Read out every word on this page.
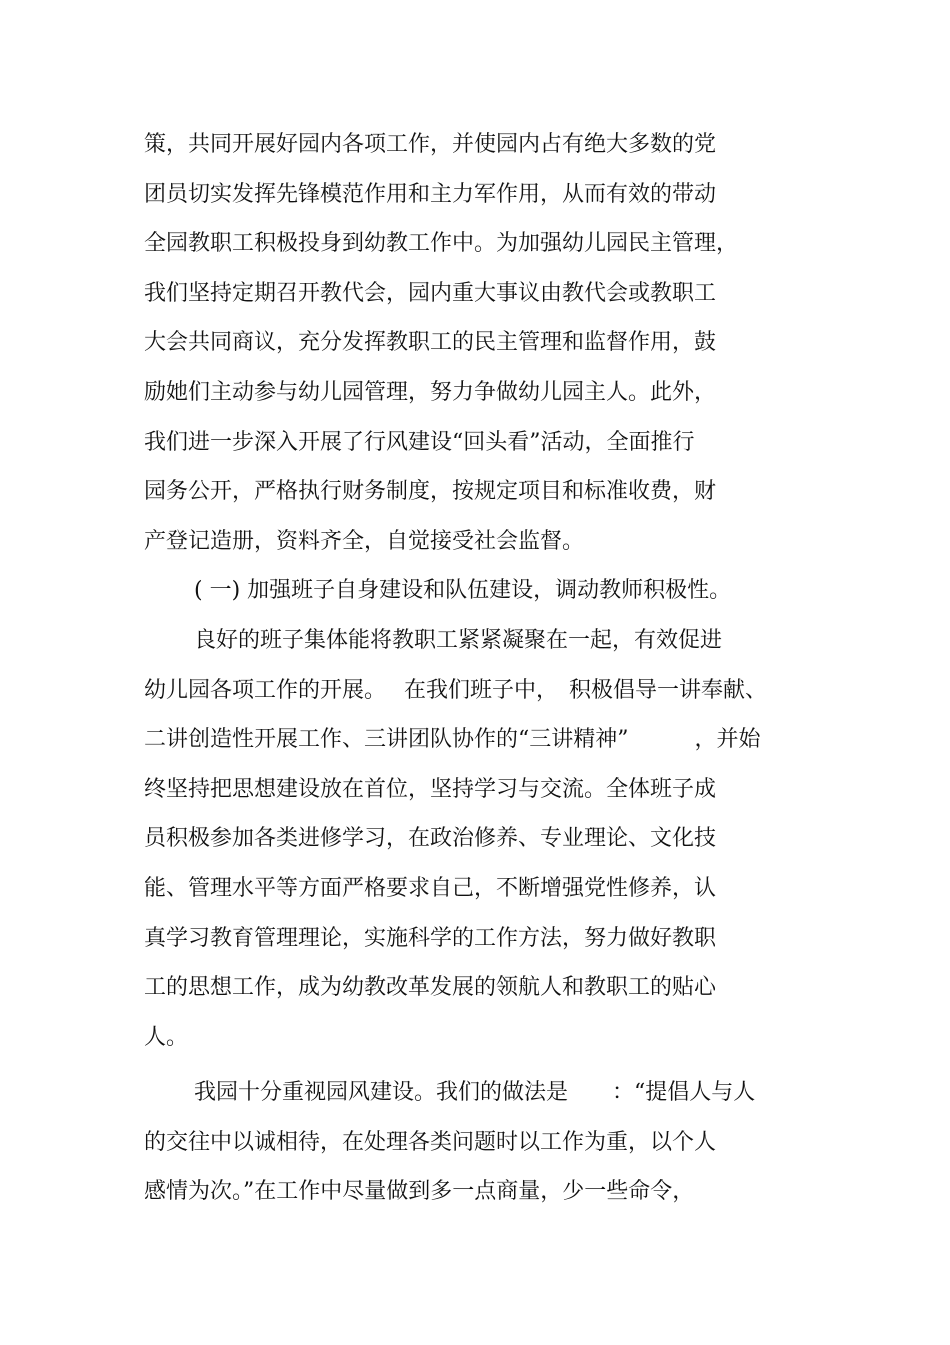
策，共同开展好园内各项工作，并使园内占有绝大多数的党

团员切实发挥先锋模范作用和主力军作用，从而有效的带动

全园教职工积极投身到幼教工作中。为加强幼儿园民主管理，

我们坚持定期召开教代会，园内重大事议由教代会或教职工

大会共同商议，充分发挥教职工的民主管理和监督作用，鼓

励她们主动参与幼儿园管理，努力争做幼儿园主人。此外，

我们进一步深入开展了行风建设“回头看”活动，全面推行

园务公开，严格执行财务制度，按规定项目和标准收费，财

产登记造册，资料齐全，自觉接受社会监督。

( 一) 加强班子自身建设和队伍建设，调动教师积极性。

良好的班子集体能将教职工紧紧凝聚在一起，有效促进

幼儿园各项工作的开展。　 在我们班子中，　积极倡导一讲奉献、

二讲创造性开展工作、三讲团队协作的“三讲精神”　　　，并始

终坚持把思想建设放在首位，坚持学习与交流。全体班子成

员积极参加各类进修学习，在政治修养、专业理论、文化技

能、管理水平等方面严格要求自己，不断增强党性修养，认

真学习教育管理理论，实施科学的工作方法，努力做好教职

工的思想工作，成为幼教改革发展的领航人和教职工的贴心

人。

我园十分重视园风建设。我们的做法是　　：“提倡人与人

的交往中以诚相待，在处理各类问题时以工作为重，以个人

感情为次。”在工作中尽量做到多一点商量，少一些命令，
